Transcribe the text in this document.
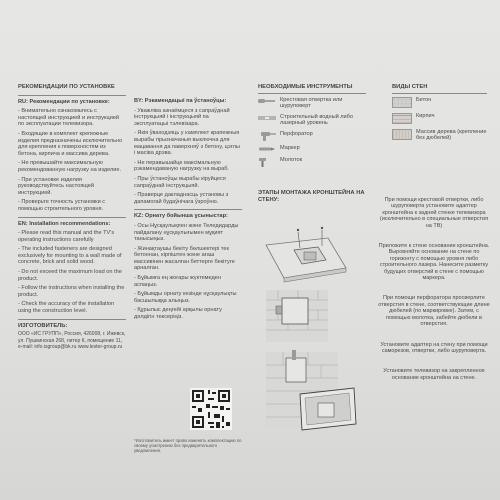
РЕКОМЕНДАЦИИ ПО УСТАНОВКЕ
RU: Рекомендации по установке:
- Внимательно ознакомьтесь с настоящей инструкцией и инструкцией по эксплуатации телевизора.
- Входящие в комплект крепежные изделия предназначены исключительно для крепления к поверхностям из бетона, кирпича и массива дерева.
- Не превышайте максимальную рекомендованную нагрузку на изделие.
- При установке изделия руководствуйтесь настоящей инструкцией.
- Проверьте точность установки с помощью строительного уровня.
EN: Installation recommendations:
- Please read this manual and the TV's operating instructions carefully
- The included fasteners are designed exclusively for mounting to a wall made of concrete, brick and solid wood.
- Do not exceed the maximum load on the product.
- Follow the instructions when installing the product.
- Check the accuracy of the installation using the construction level.
ИЗГОТОВИТЕЛЬ:
ООО «ИС ГРУПП», Россия, 426008, г. Ижевск,
ул. Пушкинская 268, литер К, помещение 11,
e-mail: info.isgroup@bk.ru www.lester-group.ru
*Изготовитель имеет право изменять комплектацию по своему усмотрению без предварительного уведомления.
BY: Рэкамендацыі па ўстаноўцы:
- Уважліва азнаёмцеся з сапраўднай інструкцыяй і інструкцыяй па эксплуатацыі тэлевізара.
- Якія ўваходзяць у камплект крапежныя вырабы прызначаныя выключна для мацавання да паверхняў з бетону, цэглы і масіва дрэва.
- Не перавышайце максімальную рэкамендаваную нагрузку на выраб.
- Пры ўстаноўцы вырабы кіруйцеся сапраўднай інструкцыяй.
- Праверце дакладнасць установы з дапамогай будаўнічага ўзроўню.
KZ: Орнату бойынша ұсыныстар:
- Осы Нұсқаулықпен және Теледидарды пайдалану нұсқаулығымен мұқият танысыңыз.
- Жинақтаушы бекіту бөлшектері тек бетоннан, кірпіштен және ағаш массивінен жасалған беттерге бекітуге арналған.
- Бұйымға ең жоғары жүктемеден аспаңыз.
- Бұйымды орнату кезінде нұсқаулықты басшылыққа алыңыз.
- Құрылыс деңгейі арқылы орнату дәлдігін тексеріңіз.
НЕОБХОДИМЫЕ ИНСТРУМЕНТЫ
Крестовая отвертка или шуруповерт
Строительный водный либо лазерный уровень
Перфоратор
Маркер
Молоток
ВИДЫ СТЕН
Бетон
Кирпич
Массив дерева (крепление без дюбелей)
ЭТАПЫ МОНТАЖА КРОНШТЕЙНА НА СТЕНУ:	При помощи крестовой отвертки, либо шуруповерта установите адаптер кронштейна к задней стенке телевизора (исключительно в специальные отверстия на ТВ)
Приложите к стене основание кронштейна. Выровняйте основание на стене по горизонту с помощью уровня либо строительного лазера. Нанесите разметку будущих отверстий в стене с помощью маркера.
При помощи перфоратора просверлите отверстия в стене, соответствующие длине дюбелей (по маркировке). Затем, с помощью молотка, забейте дюбели в отверстия.
Установите адаптер на стену при помощи саморезов, отвертки, либо шуруповерта.
Установите телевизор на закрепленное основание кронштейна на стене.
